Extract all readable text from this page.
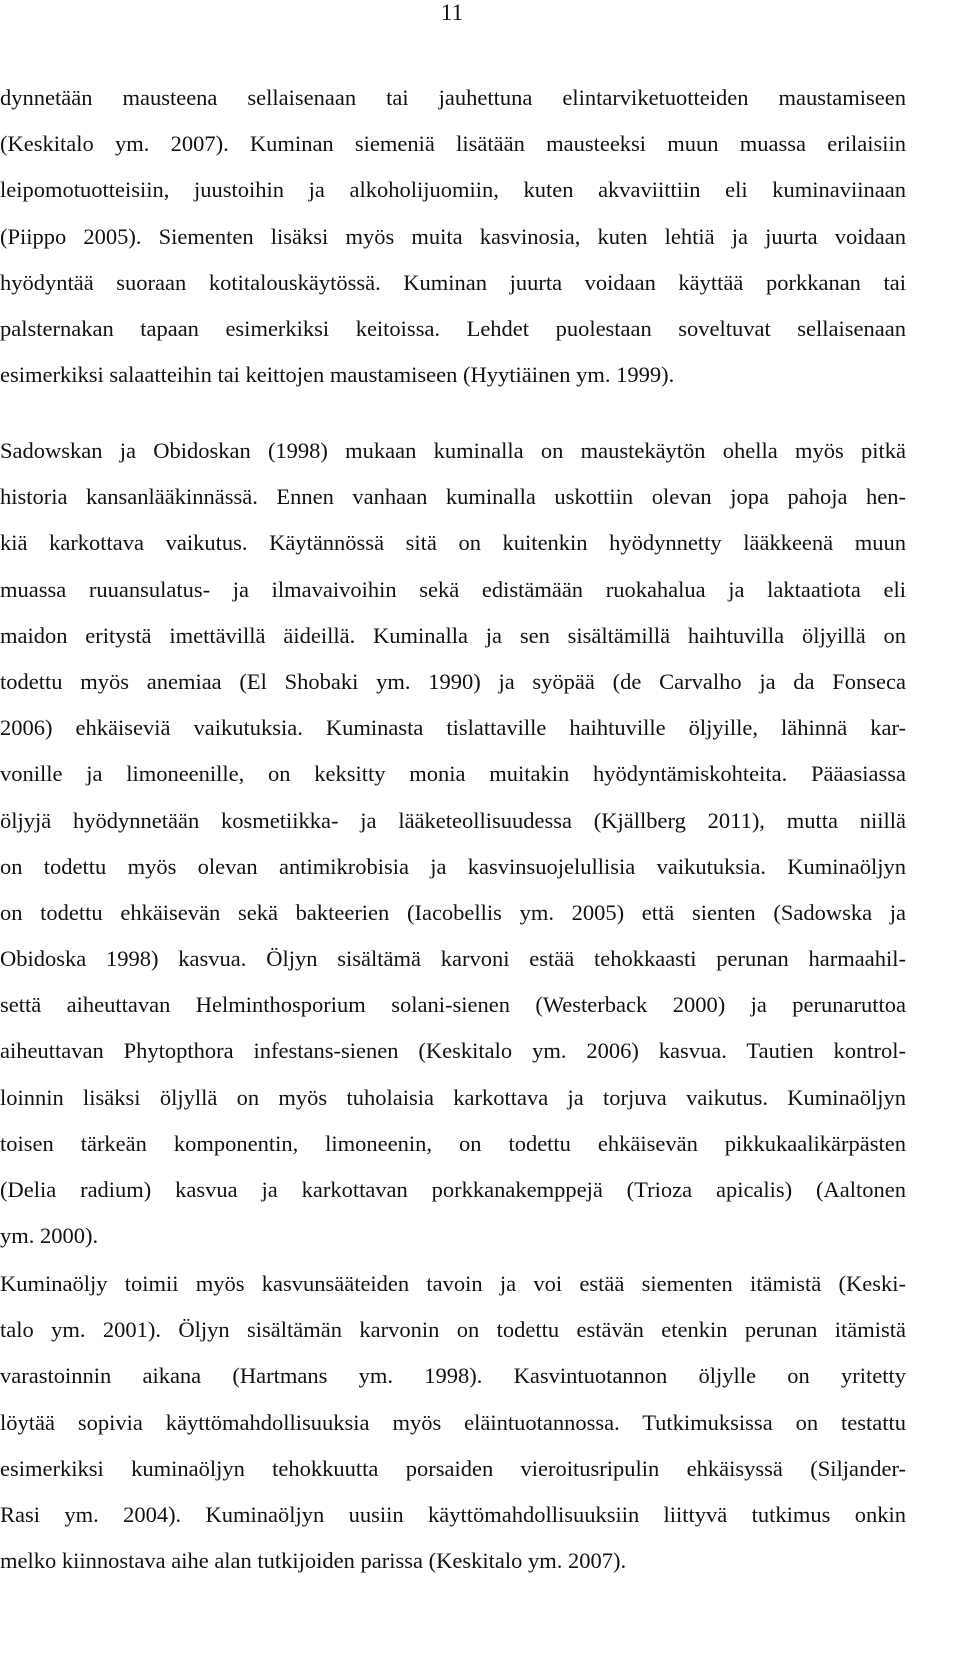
11
dynnetään mausteena sellaisenaan tai jauhettuna elintarviketuotteiden maustamiseen
(Keskitalo ym. 2007). Kuminan siemeniä lisätään mausteeksi muun muassa erilaisiin
leipomotuotteisiin, juustoihin ja alkoholijuomiin, kuten akvaviittiin eli kuminaviinaan
(Piippo 2005). Siementen lisäksi myös muita kasvinosia, kuten lehtiä ja juurta voidaan
hyödyntää suoraan kotitalouskäytössä. Kuminan juurta voidaan käyttää porkkanan tai
palsternakan tapaan esimerkiksi keitoissa. Lehdet puolestaan soveltuvat sellaisenaan
esimerkiksi salaatteihin tai keittojen maustamiseen (Hyytiäinen ym. 1999).
Sadowskan ja Obidoskan (1998) mukaan kuminalla on maustekäytön ohella myös pitkä
historia kansanlääkinnässä. Ennen vanhaan kuminalla uskottiin olevan jopa pahoja hen-
kiä karkottava vaikutus. Käytännössä sitä on kuitenkin hyödynnetty lääkkeenä muun
muassa ruuansulatus- ja ilmavaivoihin sekä edistämään ruokahalua ja laktaatiota eli
maidon eritystä imettävillä äideillä. Kuminalla ja sen sisältämillä haihtuvilla öljyillä on
todettu myös anemiaa (El Shobaki ym. 1990) ja syöpää (de Carvalho ja da Fonseca
2006) ehkäiseviä vaikutuksia. Kuminasta tislattaville haihtuville öljyille, lähinnä kar-
vonille ja limoneenille, on keksitty monia muitakin hyödyntämiskohteita. Pääasiassa
öljyjä hyödynnetään kosmetiikka- ja lääketeollisuudessa (Kjällberg 2011), mutta niillä
on todettu myös olevan antimikrobisia ja kasvinsuojelullisia vaikutuksia. Kuminaöljyn
on todettu ehkäisevän sekä bakteerien (Iacobellis ym. 2005) että sienten (Sadowska ja
Obidoska 1998) kasvua. Öljyn sisältämä karvoni estää tehokkaasti perunan harmaahil-
settä aiheuttavan Helminthosporium solani-sienen (Westerback 2000) ja perunaruttoa
aiheuttavan Phytopthora infestans-sienen (Keskitalo ym. 2006) kasvua. Tautien kontrol-
loinnin lisäksi öljyllä on myös tuholaisia karkottava ja torjuva vaikutus. Kuminaöljyn
toisen tärkeän komponentin, limoneenin, on todettu ehkäisevän pikkukaalikärpästen
(Delia radium) kasvua ja karkottavan porkkanakemppejä (Trioza apicalis) (Aaltonen
ym. 2000).
Kuminaöljy toimii myös kasvunsääteiden tavoin ja voi estää siementen itämistä (Keski-
talo ym. 2001). Öljyn sisältämän karvonin on todettu estävän etenkin perunan itämistä
varastoinnin aikana (Hartmans ym. 1998). Kasvintuotannon öljylle on yritetty
löytää sopivia käyttömahdollisuuksia myös eläintuotannossa. Tutkimuksissa on testattu
esimerkiksi kuminaöljyn tehokkuutta porsaiden vieroitusripulin ehkäisyssä (Siljander-
Rasi ym. 2004). Kuminaöljyn uusiin käyttömahdollisuuksiin liittyvä tutkimus onkin
melko kiinnostava aihe alan tutkijoiden parissa (Keskitalo ym. 2007).
